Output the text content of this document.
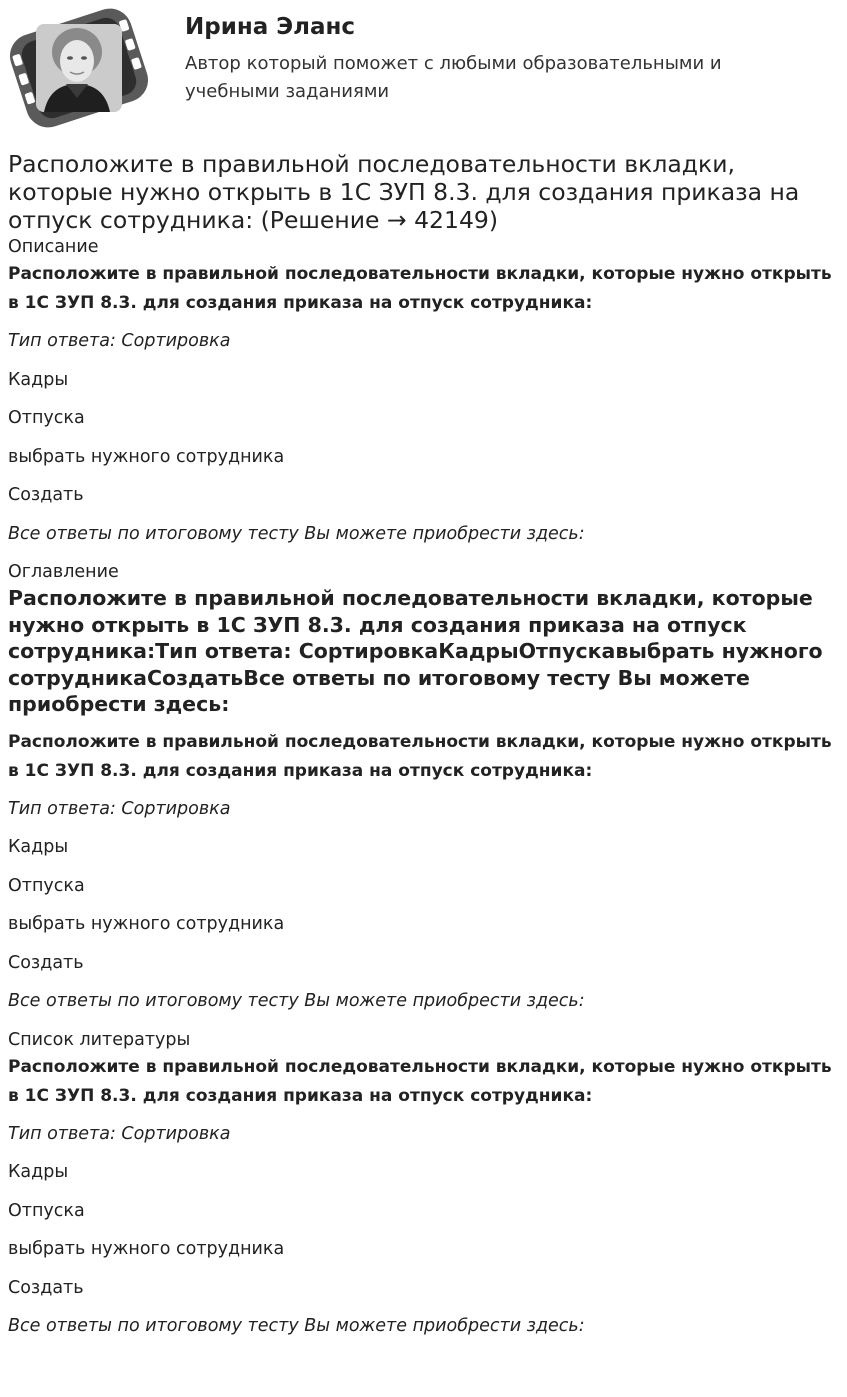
Ирина Эланс
Автор который поможет с любыми образовательными и учебными заданиями
Расположите в правильной последовательности вкладки, которые нужно открыть в 1С ЗУП 8.3. для создания приказа на отпуск сотрудника: (Решение → 42149)

Описание

Расположите в правильной последовательности вкладки, которые нужно открыть в 1С ЗУП 8.3. для создания приказа на отпуск сотрудника:

Тип ответа: Сортировка

Кадры

Отпуска

выбрать нужного сотрудника

Создать

Все ответы по итоговому тесту Вы можете приобрести здесь:

Оглавление

Расположите в правильной последовательности вкладки, которые нужно открыть в 1С ЗУП 8.3. для создания приказа на отпуск сотрудника:Тип ответа: СортировкаКадрыОтпускавыбрать нужного сотрудникаСоздатьВсе ответы по итоговому тесту Вы можете приобрести здесь:

Расположите в правильной последовательности вкладки, которые нужно открыть в 1С ЗУП 8.3. для создания приказа на отпуск сотрудника:

Тип ответа: Сортировка

Кадры

Отпуска

выбрать нужного сотрудника

Создать

Все ответы по итоговому тесту Вы можете приобрести здесь:

Список литературы

Расположите в правильной последовательности вкладки, которые нужно открыть в 1С ЗУП 8.3. для создания приказа на отпуск сотрудника:

Тип ответа: Сортировка

Кадры

Отпуска

выбрать нужного сотрудника

Создать

Все ответы по итоговому тесту Вы можете приобрести здесь:
